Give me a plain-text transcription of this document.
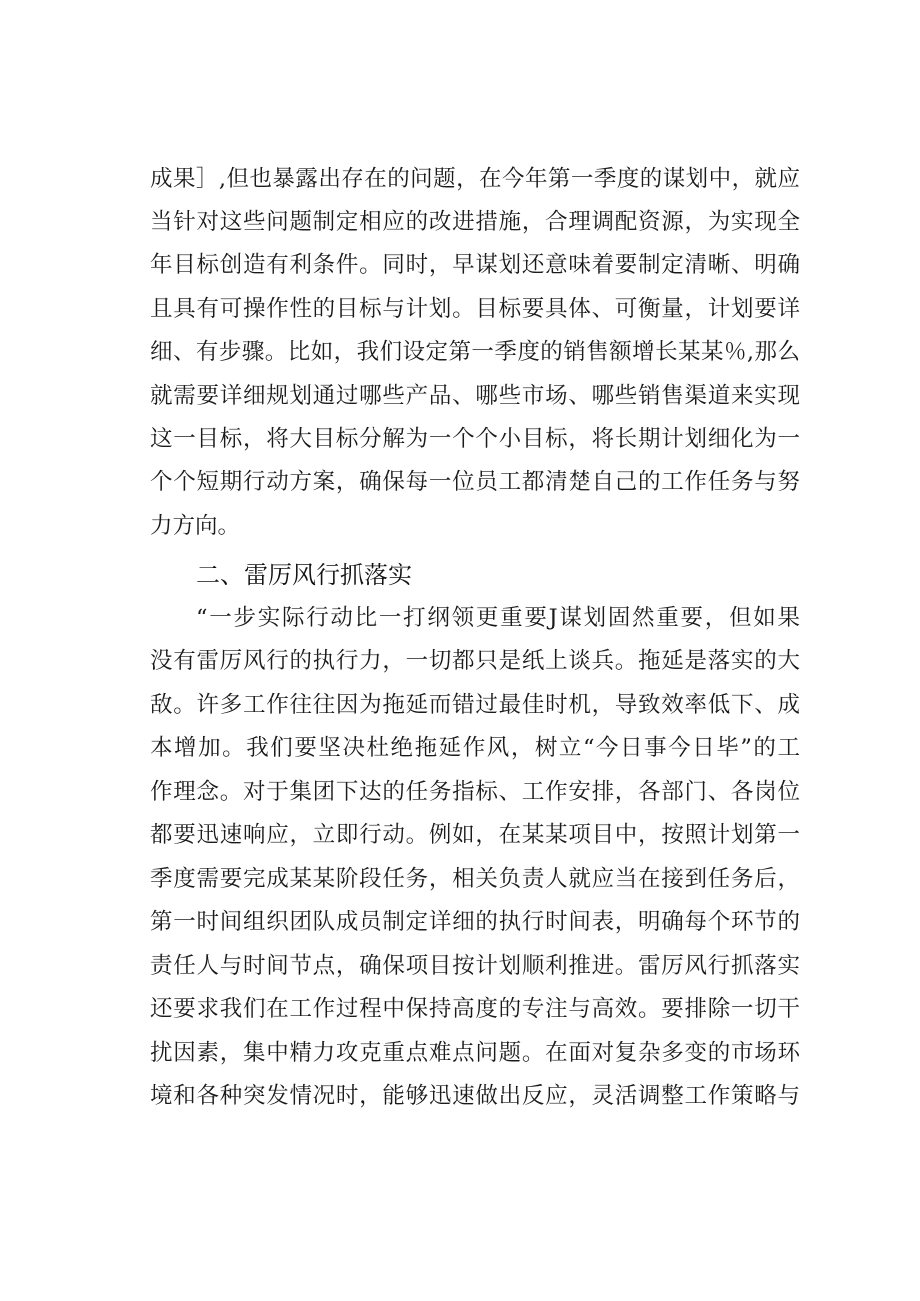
成果］,但也暴露出存在的问题，在今年第一季度的谋划中，就应
当针对这些问题制定相应的改进措施，合理调配资源，为实现全
年目标创造有利条件。同时，早谋划还意味着要制定清晰、明确
且具有可操作性的目标与计划。目标要具体、可衡量，计划要详
细、有步骤。比如，我们设定第一季度的销售额增长某某％,那么
就需要详细规划通过哪些产品、哪些市场、哪些销售渠道来实现
这一目标，将大目标分解为一个个小目标，将长期计划细化为一
个个短期行动方案，确保每一位员工都清楚自己的工作任务与努
力方向。
二、雷厉风行抓落实
“一步实际行动比一打纲领更重要J谋划固然重要，但如果
没有雷厉风行的执行力，一切都只是纸上谈兵。拖延是落实的大
敌。许多工作往往因为拖延而错过最佳时机，导致效率低下、成
本增加。我们要坚决杜绝拖延作风，树立“今日事今日毕”的工
作理念。对于集团下达的任务指标、工作安排，各部门、各岗位
都要迅速响应，立即行动。例如，在某某项目中，按照计划第一
季度需要完成某某阶段任务，相关负责人就应当在接到任务后，
第一时间组织团队成员制定详细的执行时间表，明确每个环节的
责任人与时间节点，确保项目按计划顺利推进。雷厉风行抓落实
还要求我们在工作过程中保持高度的专注与高效。要排除一切干
扰因素，集中精力攻克重点难点问题。在面对复杂多变的市场环
境和各种突发情况时，能够迅速做出反应，灵活调整工作策略与
